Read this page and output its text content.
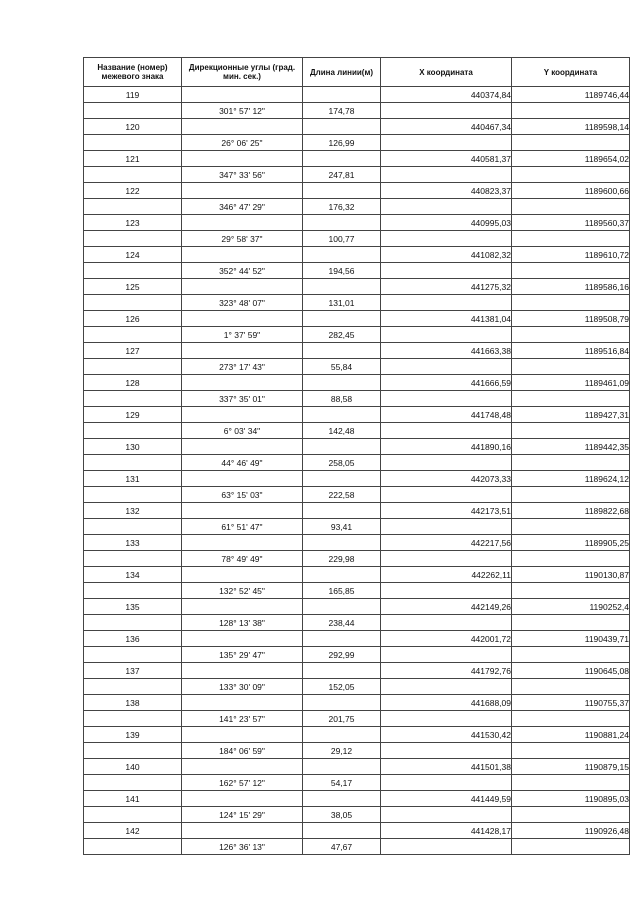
Название (номер) межевого знака	Дирекционные углы (град. мин. сек.)	Длина линии(м)	X координата	Y координата
119			440374,84	1189746,44
	301° 57' 12"	174,78		
120			440467,34	1189598,14
	26° 06' 25"	126,99		
121			440581,37	1189654,02
	347° 33' 56"	247,81		
122			440823,37	1189600,66
	346° 47' 29"	176,32		
123			440995,03	1189560,37
	29° 58' 37"	100,77		
124			441082,32	1189610,72
	352° 44' 52"	194,56		
125			441275,32	1189586,16
	323° 48' 07"	131,01		
126			441381,04	1189508,79
	1° 37' 59"	282,45		
127			441663,38	1189516,84
	273° 17' 43"	55,84		
128			441666,59	1189461,09
	337° 35' 01"	88,58		
129			441748,48	1189427,31
	6° 03' 34"	142,48		
130			441890,16	1189442,35
	44° 46' 49"	258,05		
131			442073,33	1189624,12
	63° 15' 03"	222,58		
132			442173,51	1189822,68
	61° 51' 47"	93,41		
133			442217,56	1189905,25
	78° 49' 49"	229,98		
134			442262,11	1190130,87
	132° 52' 45"	165,85		
135			442149,26	1190252,4
	128° 13' 38"	238,44		
136			442001,72	1190439,71
	135° 29' 47"	292,99		
137			441792,76	1190645,08
	133° 30' 09"	152,05		
138			441688,09	1190755,37
	141° 23' 57"	201,75		
139			441530,42	1190881,24
	184° 06' 59"	29,12		
140			441501,38	1190879,15
	162° 57' 12"	54,17		
141			441449,59	1190895,03
	124° 15' 29"	38,05		
142			441428,17	1190926,48
	126° 36' 13"	47,67		
